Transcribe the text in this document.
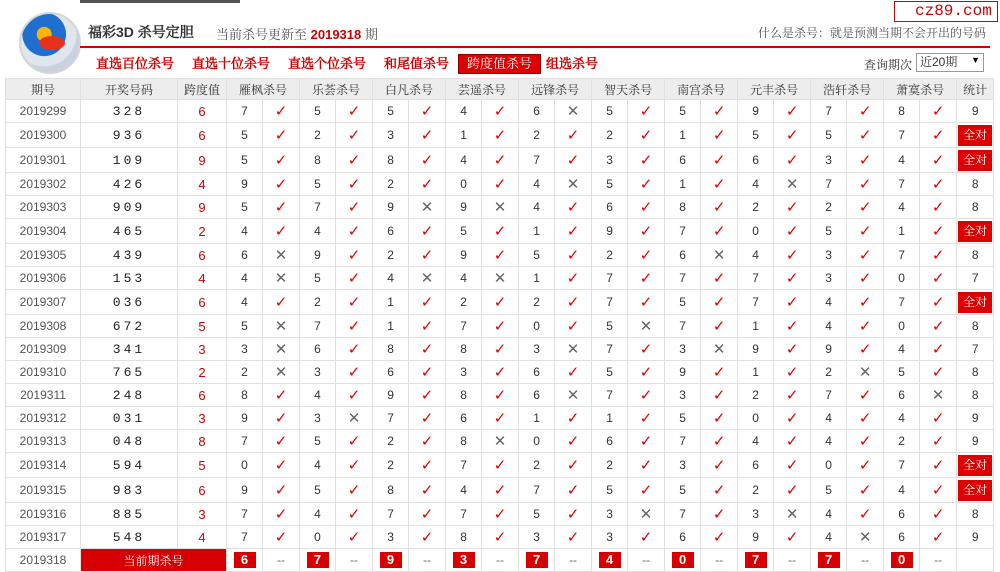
福彩3D 杀号定胆 当前杀号更新至 2019318 期
cz89.com
什么是杀号：就是预测当期不会开出的号码
直选百位杀号 直选十位杀号 直选个位杀号 和尾值杀号	跨度值杀号	组选杀号	查询期次 近20期	▼
期号	开奖号码	跨度值	雁枫杀号		乐荟杀号		白凡杀号		芸遥杀号		远锋杀号		智天杀号		南宫杀号		元丰杀号		浩轩杀号		萧寞杀号		统计
2019299	328	6	7	✓	5	✓	5	✓	4	✓	6	✕	5	✓	5	✓	9	✓	7	✓	8	✓	9
2019300	936	6	5	✓	2	✓	3	✓	1	✓	2	✓	2	✓	1	✓	5	✓	5	✓	7	✓	全对
2019301	109	9	5	✓	8	✓	8	✓	4	✓	7	✓	3	✓	6	✓	6	✓	3	✓	4	✓	全对
2019302	426	4	9	✓	5	✓	2	✓	0	✓	4	✕	5	✓	1	✓	4	✕	7	✓	7	✓	8
2019303	909	9	5	✓	7	✓	9	✕	9	✕	4	✓	6	✓	8	✓	2	✓	2	✓	4	✓	8
2019304	465	2	4	✓	4	✓	6	✓	5	✓	1	✓	9	✓	7	✓	0	✓	5	✓	1	✓	全对
2019305	439	6	6	✕	9	✓	2	✓	9	✓	5	✓	2	✓	6	✕	4	✓	3	✓	7	✓	8
2019306	153	4	4	✕	5	✓	4	✕	4	✕	1	✓	7	✓	7	✓	7	✓	3	✓	0	✓	7
2019307	036	6	4	✓	2	✓	1	✓	2	✓	2	✓	7	✓	5	✓	7	✓	4	✓	7	✓	全对
2019308	672	5	5	✕	7	✓	1	✓	7	✓	0	✓	5	✕	7	✓	1	✓	4	✓	0	✓	8
2019309	341	3	3	✕	6	✓	8	✓	8	✓	3	✕	7	✓	3	✕	9	✓	9	✓	4	✓	7
2019310	765	2	2	✕	3	✓	6	✓	3	✓	6	✓	5	✓	9	✓	1	✓	2	✕	5	✓	8
2019311	248	6	8	✓	4	✓	9	✓	8	✓	6	✕	7	✓	3	✓	2	✓	7	✓	6	✕	8
2019312	031	3	9	✓	3	✕	7	✓	6	✓	1	✓	1	✓	5	✓	0	✓	4	✓	4	✓	9
2019313	048	8	7	✓	5	✓	2	✓	8	✕	0	✓	6	✓	7	✓	4	✓	4	✓	2	✓	9
2019314	594	5	0	✓	4	✓	2	✓	7	✓	2	✓	2	✓	3	✓	6	✓	0	✓	7	✓	全对
2019315	983	6	9	✓	5	✓	8	✓	4	✓	7	✓	5	✓	5	✓	2	✓	5	✓	4	✓	全对
2019316	885	3	7	✓	4	✓	7	✓	7	✓	5	✓	3	✕	7	✓	3	✕	4	✓	6	✓	8
2019317	548	4	7	✓	0	✓	3	✓	8	✓	3	✓	3	✓	6	✓	9	✓	4	✕	6	✓	9
2019318	当前期杀号		6	--	7	--	9	--	3	--	7	--	4	--	0	--	7	--	7	--	0	--	
